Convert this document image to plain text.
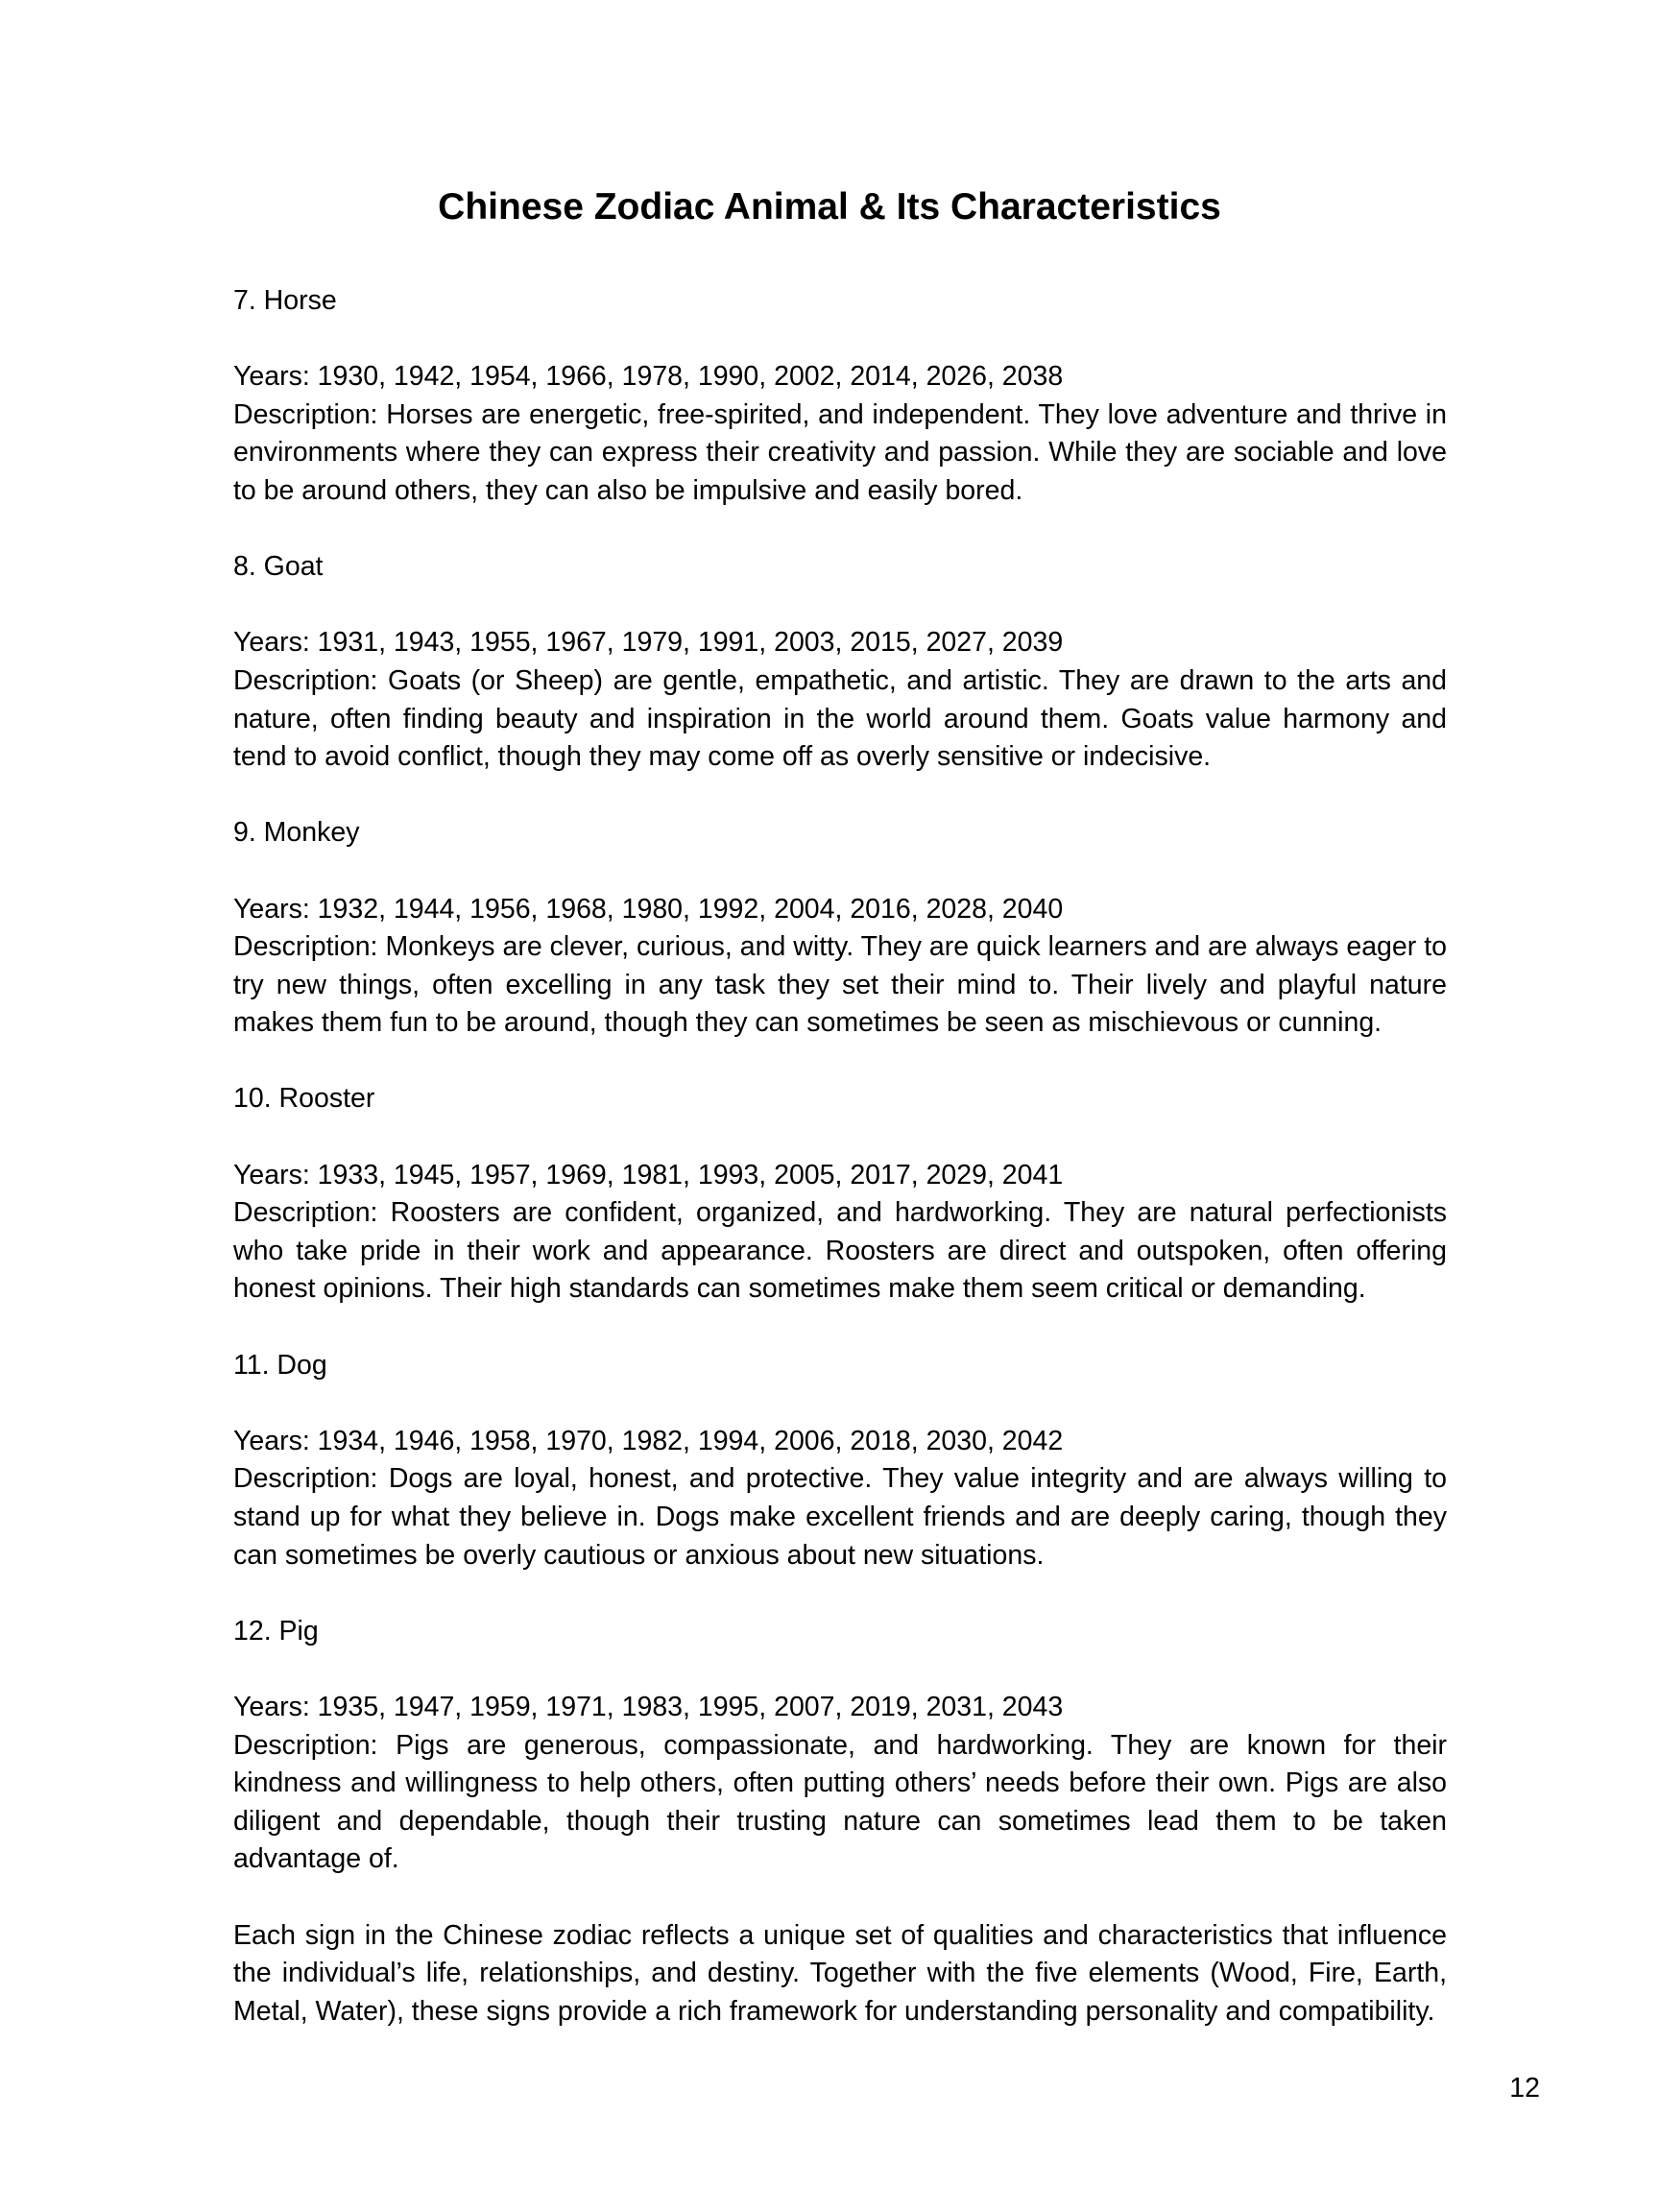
Chinese Zodiac Animal & Its Characteristics

7. Horse

Years: 1930, 1942, 1954, 1966, 1978, 1990, 2002, 2014, 2026, 2038

Description: Horses are energetic, free-spirited, and independent. They love adventure and thrive in environments where they can express their creativity and passion. While they are sociable and love to be around others, they can also be impulsive and easily bored.

8. Goat

Years: 1931, 1943, 1955, 1967, 1979, 1991, 2003, 2015, 2027, 2039

Description: Goats (or Sheep) are gentle, empathetic, and artistic. They are drawn to the arts and nature, often finding beauty and inspiration in the world around them. Goats value harmony and tend to avoid conflict, though they may come off as overly sensitive or indecisive.

9. Monkey

Years: 1932, 1944, 1956, 1968, 1980, 1992, 2004, 2016, 2028, 2040

Description: Monkeys are clever, curious, and witty. They are quick learners and are always eager to try new things, often excelling in any task they set their mind to. Their lively and playful nature makes them fun to be around, though they can sometimes be seen as mischievous or cunning.

10. Rooster

Years: 1933, 1945, 1957, 1969, 1981, 1993, 2005, 2017, 2029, 2041

Description: Roosters are confident, organized, and hardworking. They are natural perfectionists who take pride in their work and appearance. Roosters are direct and outspoken, often offering honest opinions. Their high standards can sometimes make them seem critical or demanding.

11. Dog

Years: 1934, 1946, 1958, 1970, 1982, 1994, 2006, 2018, 2030, 2042

Description: Dogs are loyal, honest, and protective. They value integrity and are always willing to stand up for what they believe in. Dogs make excellent friends and are deeply caring, though they can sometimes be overly cautious or anxious about new situations.

12. Pig

Years: 1935, 1947, 1959, 1971, 1983, 1995, 2007, 2019, 2031, 2043

Description: Pigs are generous, compassionate, and hardworking. They are known for their kindness and willingness to help others, often putting others’ needs before their own. Pigs are also diligent and dependable, though their trusting nature can sometimes lead them to be taken advantage of.

Each sign in the Chinese zodiac reflects a unique set of qualities and characteristics that influence the individual’s life, relationships, and destiny. Together with the five elements (Wood, Fire, Earth, Metal, Water), these signs provide a rich framework for understanding personality and compatibility.

12
